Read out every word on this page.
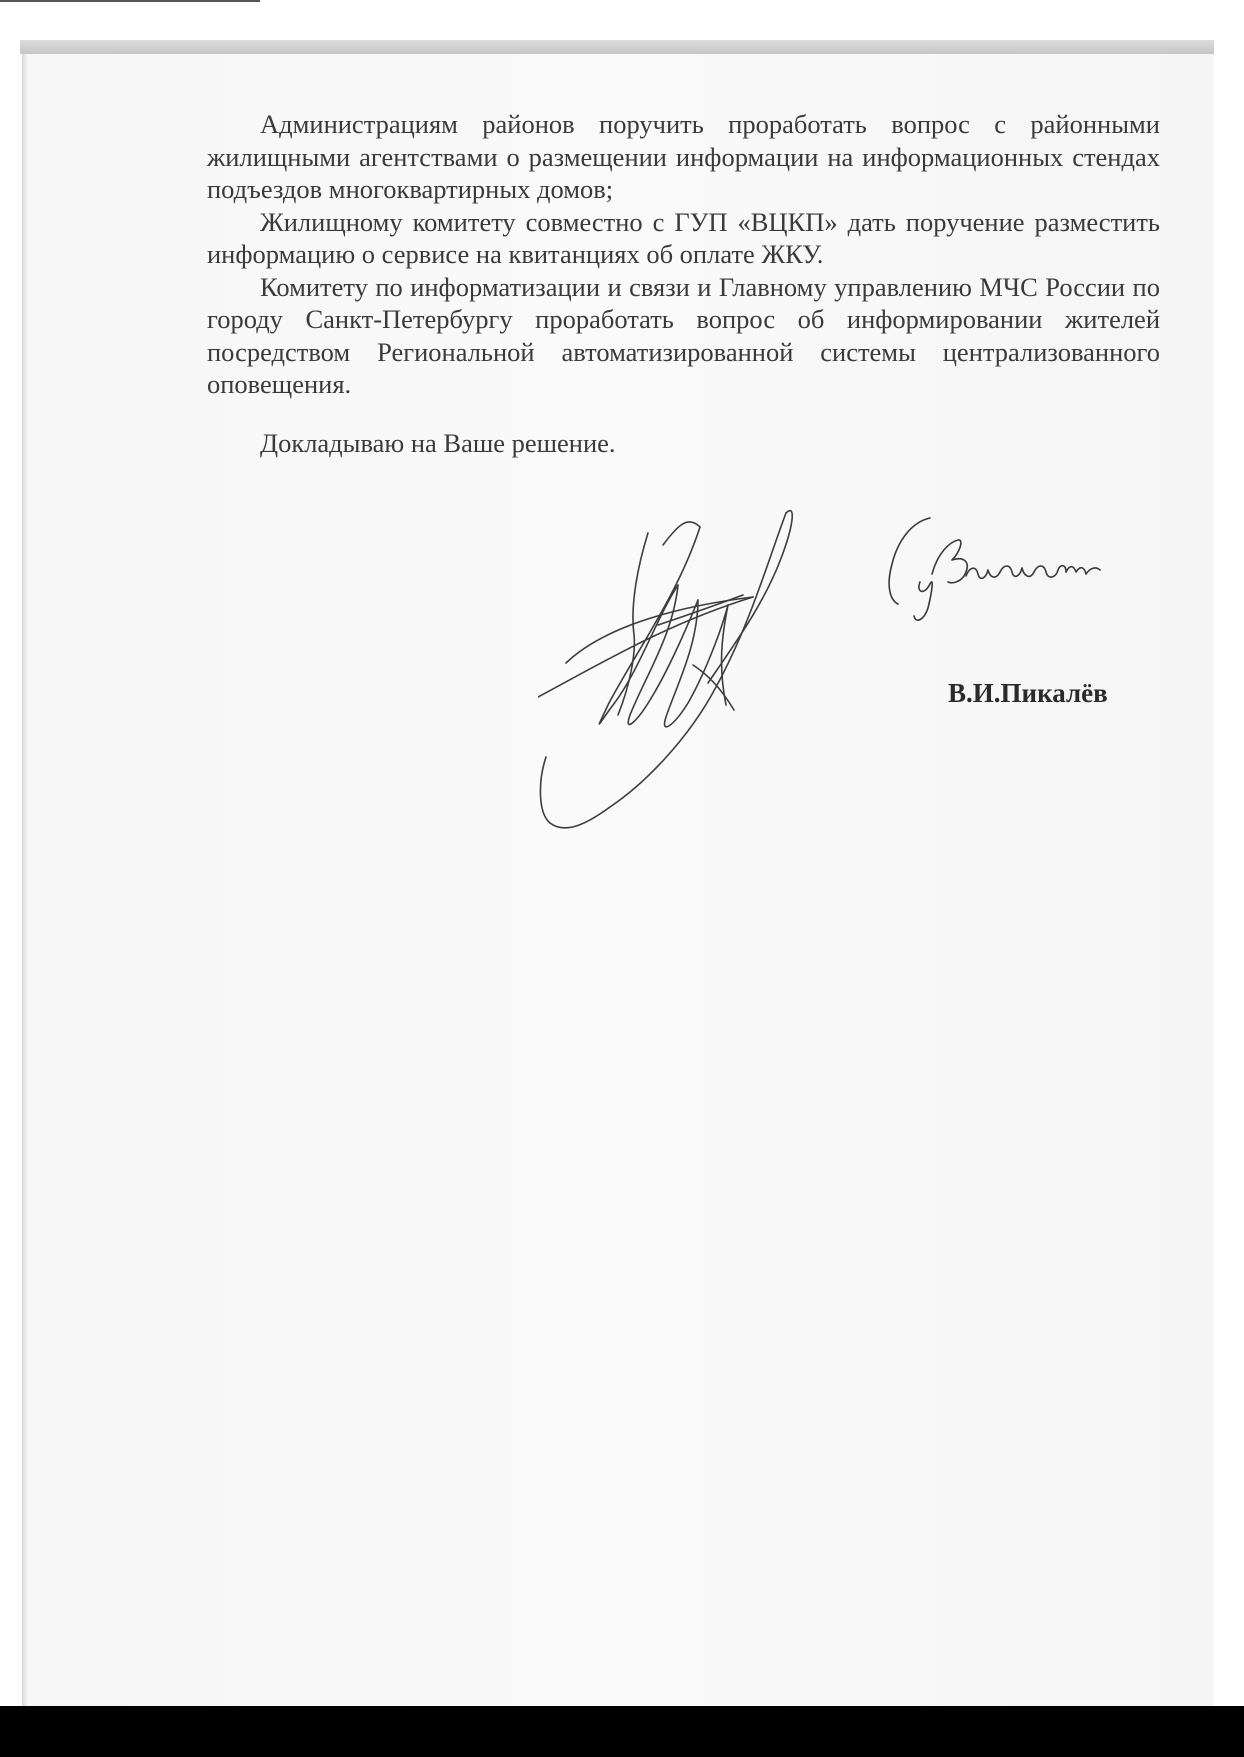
Администрациям районов поручить проработать вопрос с районными жилищными агентствами о размещении информации на информационных стендах подъездов многоквартирных домов;

Жилищному комитету совместно с ГУП «ВЦКП» дать поручение разместить информацию о сервисе на квитанциях об оплате ЖКУ.

Комитету по информатизации и связи и Главному управлению МЧС России по городу Санкт-Петербургу проработать вопрос об информировании жителей посредством Региональной автоматизированной системы централизованного оповещения.

Докладываю на Ваше решение.

В.И.Пикалёв
